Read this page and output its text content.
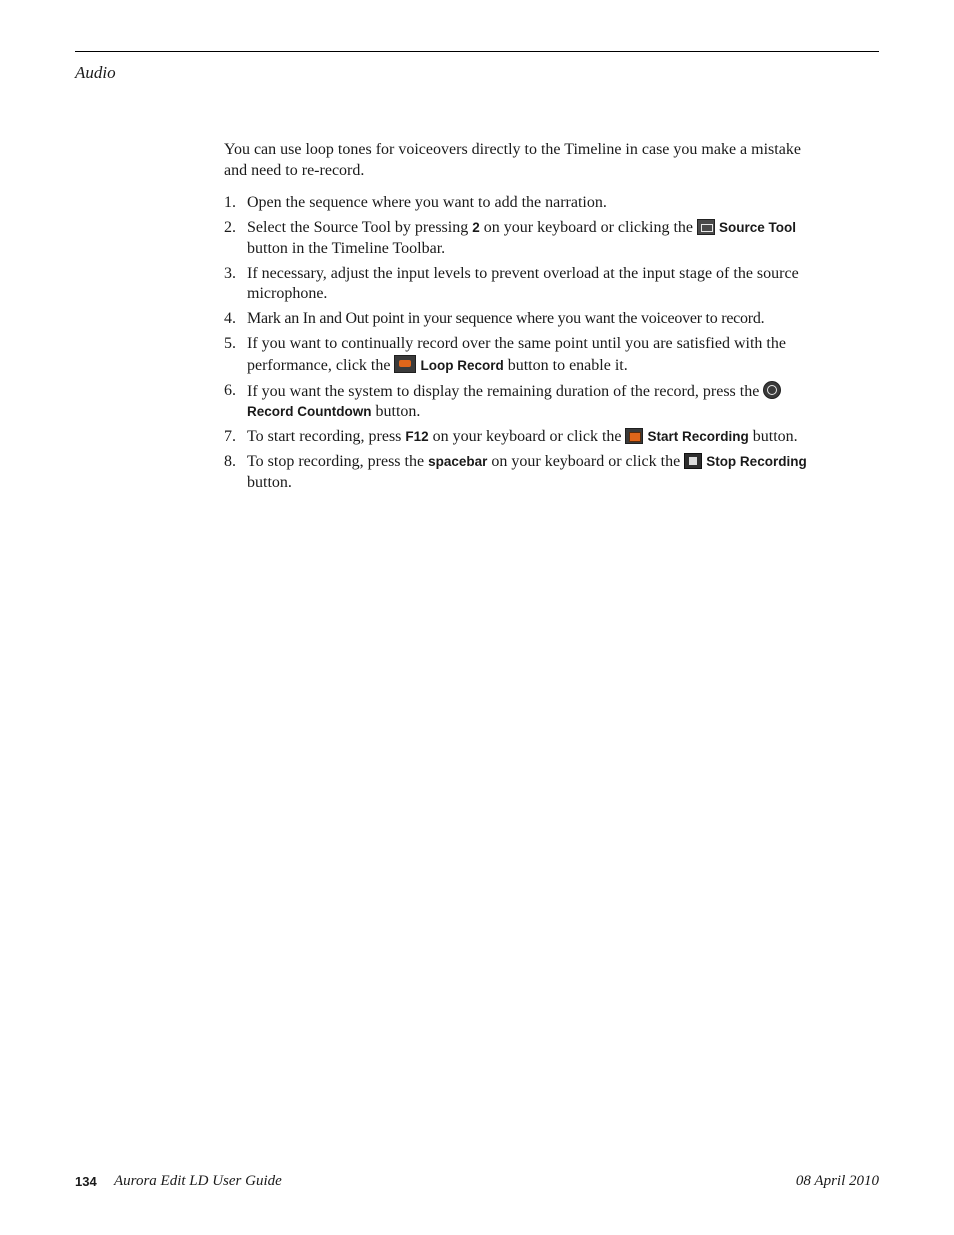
Audio

You can use loop tones for voiceovers directly to the Timeline in case you make a mistake and need to re-record.

1. Open the sequence where you want to add the narration.
2. Select the Source Tool by pressing 2 on your keyboard or clicking the Source Tool button in the Timeline Toolbar.
3. If necessary, adjust the input levels to prevent overload at the input stage of the source microphone.
4. Mark an In and Out point in your sequence where you want the voiceover to record.
5. If you want to continually record over the same point until you are satisfied with the performance, click the Loop Record button to enable it.
6. If you want the system to display the remaining duration of the record, press the Record Countdown button.
7. To start recording, press F12 on your keyboard or click the Start Recording button.
8. To stop recording, press the spacebar on your keyboard or click the Stop Recording button.
134 Aurora Edit LD User Guide	08 April 2010
